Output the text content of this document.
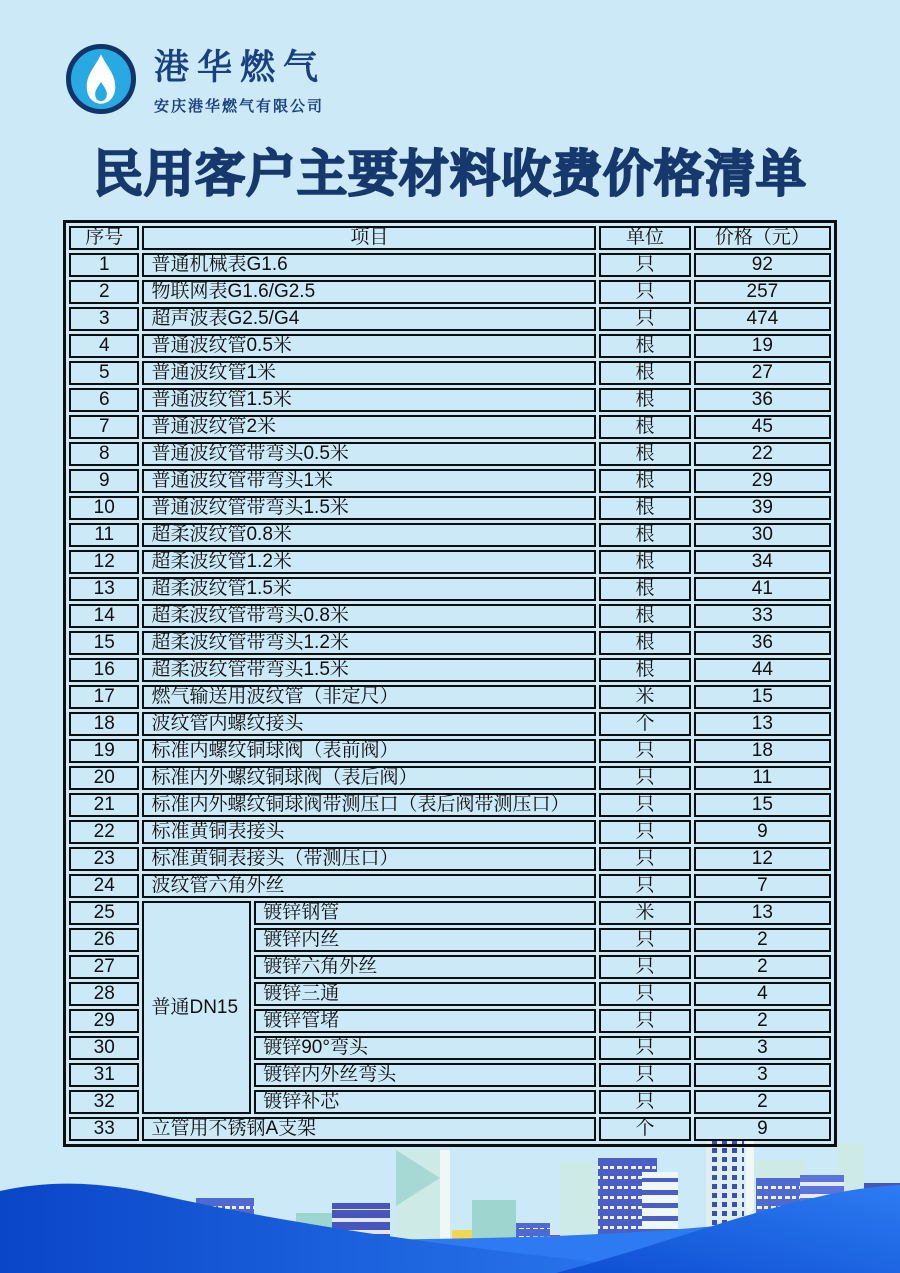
港华燃气
安庆港华燃气有限公司
民用客户主要材料收费价格清单
序号	项目		单位	价格（元）
1	普通机械表G1.6		只	92
2	物联网表G1.6/G2.5		只	257
3	超声波表G2.5/G4		只	474
4	普通波纹管0.5米		根	19
5	普通波纹管1米		根	27
6	普通波纹管1.5米		根	36
7	普通波纹管2米		根	45
8	普通波纹管带弯头0.5米		根	22
9	普通波纹管带弯头1米		根	29
10	普通波纹管带弯头1.5米		根	39
11	超柔波纹管0.8米		根	30
12	超柔波纹管1.2米		根	34
13	超柔波纹管1.5米		根	41
14	超柔波纹管带弯头0.8米		根	33
15	超柔波纹管带弯头1.2米		根	36
16	超柔波纹管带弯头1.5米		根	44
17	燃气输送用波纹管（非定尺）		米	15
18	波纹管内螺纹接头		个	13
19	标准内螺纹铜球阀（表前阀）		只	18
20	标准内外螺纹铜球阀（表后阀）		只	11
21	标准内外螺纹铜球阀带测压口（表后阀带测压口）		只	15
22	标准黄铜表接头		只	9
23	标准黄铜表接头（带测压口）		只	12
24	波纹管六角外丝		只	7
25	普通DN15	镀锌钢管	米	13
26		镀锌内丝	只	2
27		镀锌六角外丝	只	2
28		镀锌三通	只	4
29		镀锌管堵	只	2
30		镀锌90°弯头	只	3
31		镀锌内外丝弯头	只	3
32		镀锌补芯	只	2
33	立管用不锈钢A支架		个	9
